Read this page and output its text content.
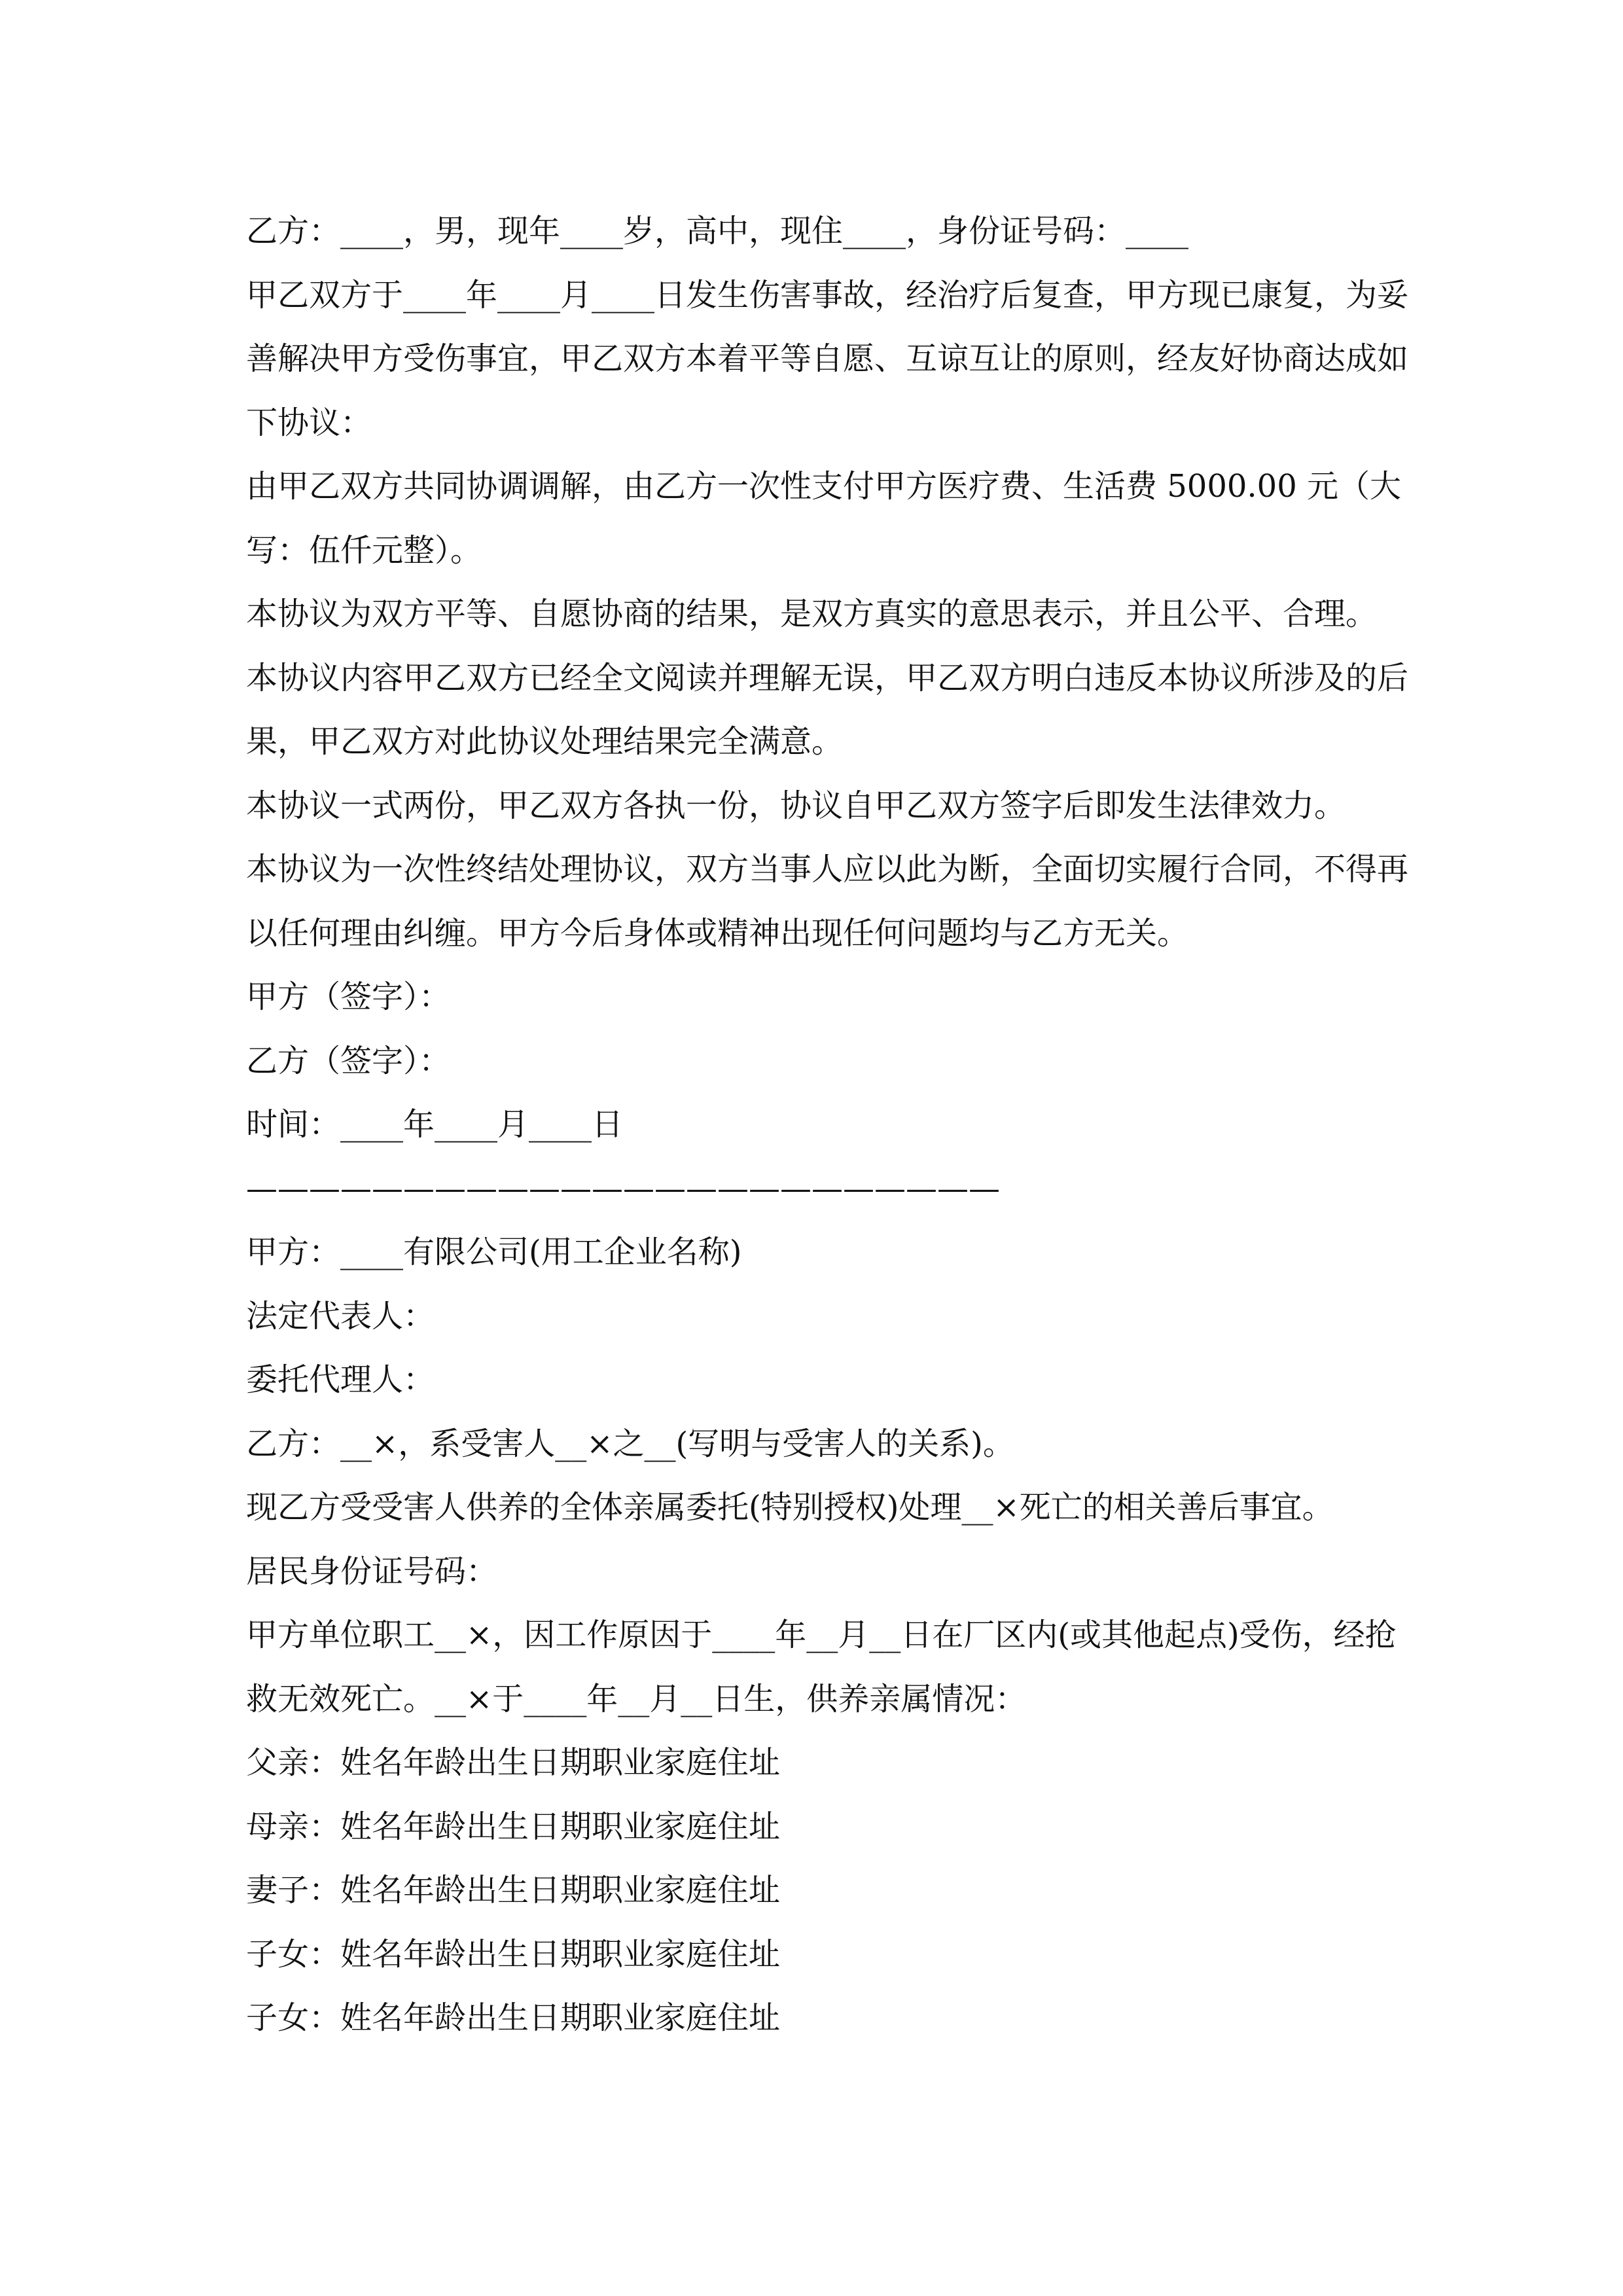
乙方：____，男，现年____岁，高中，现住____，身份证号码：____

甲乙双方于____年____月____日发生伤害事故，经治疗后复查，甲方现已康复，为妥善解决甲方受伤事宜，甲乙双方本着平等自愿、互谅互让的原则，经友好协商达成如下协议：

由甲乙双方共同协调调解，由乙方一次性支付甲方医疗费、生活费 5000.00 元（大写：伍仟元整）。

本协议为双方平等、自愿协商的结果，是双方真实的意思表示，并且公平、合理。

本协议内容甲乙双方已经全文阅读并理解无误，甲乙双方明白违反本协议所涉及的后果，甲乙双方对此协议处理结果完全满意。

本协议一式两份，甲乙双方各执一份，协议自甲乙双方签字后即发生法律效力。

本协议为一次性终结处理协议，双方当事人应以此为断，全面切实履行合同，不得再以任何理由纠缠。甲方今后身体或精神出现任何问题均与乙方无关。

甲方（签字）：

乙方（签字）：

时间：____年____月____日

————————————————————————

甲方：____有限公司(用工企业名称)

法定代表人：

委托代理人：

乙方：__×，系受害人__×之__(写明与受害人的关系)。

现乙方受受害人供养的全体亲属委托(特别授权)处理__×死亡的相关善后事宜。

居民身份证号码：

甲方单位职工__×，因工作原因于____年__月__日在厂区内(或其他起点)受伤，经抢救无效死亡。__×于____年__月__日生，供养亲属情况：

父亲：姓名年龄出生日期职业家庭住址

母亲：姓名年龄出生日期职业家庭住址

妻子：姓名年龄出生日期职业家庭住址

子女：姓名年龄出生日期职业家庭住址

子女：姓名年龄出生日期职业家庭住址
